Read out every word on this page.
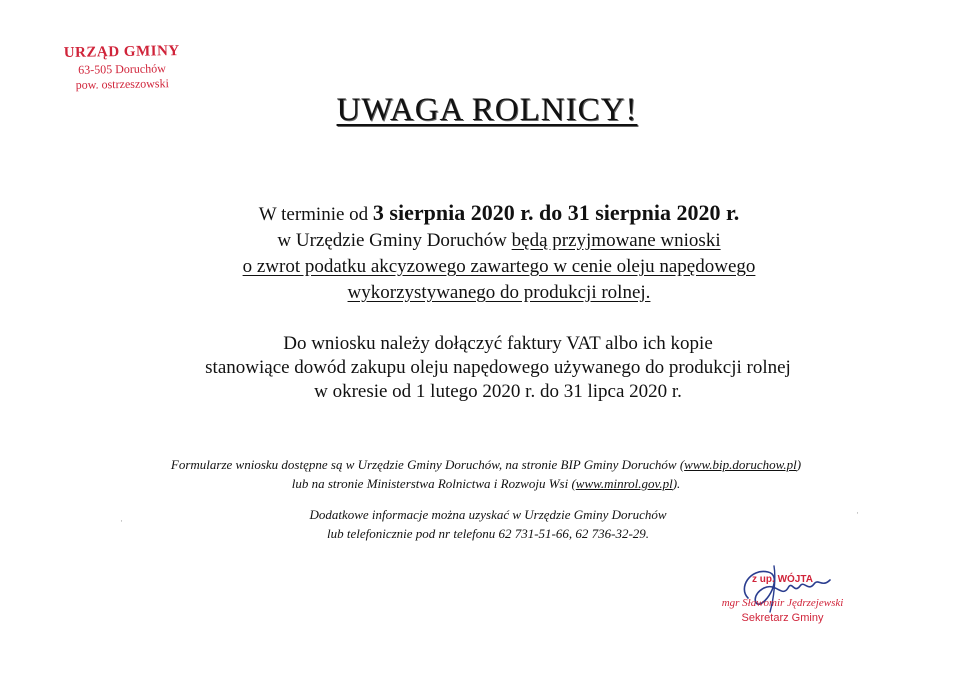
URZĄD GMINY
63-505 Doruchów
pow. ostrzeszowski
UWAGA ROLNICY!
W terminie od 3 sierpnia 2020 r. do 31 sierpnia 2020 r.
w Urzędzie Gminy Doruchów będą przyjmowane wnioski
o zwrot podatku akcyzowego zawartego w cenie oleju napędowego
wykorzystywanego do produkcji rolnej.
Do wniosku należy dołączyć faktury VAT albo ich kopie
stanowiące dowód zakupu oleju napędowego używanego do produkcji rolnej
w okresie od 1 lutego 2020 r. do 31 lipca 2020 r.
Formularze wniosku dostępne są w Urzędzie Gminy Doruchów, na stronie BIP Gminy Doruchów (www.bip.doruchow.pl)
lub na stronie Ministerstwa Rolnictwa i Rozwoju Wsi (www.minrol.gov.pl).
Dodatkowe informacje można uzyskać w Urzędzie Gminy Doruchów
lub telefonicznie pod nr telefonu 62 731-51-66, 62 736-32-29.
z up. WÓJTA
mgr Sławomir Jędrzejewski
Sekretarz Gminy
·
·
